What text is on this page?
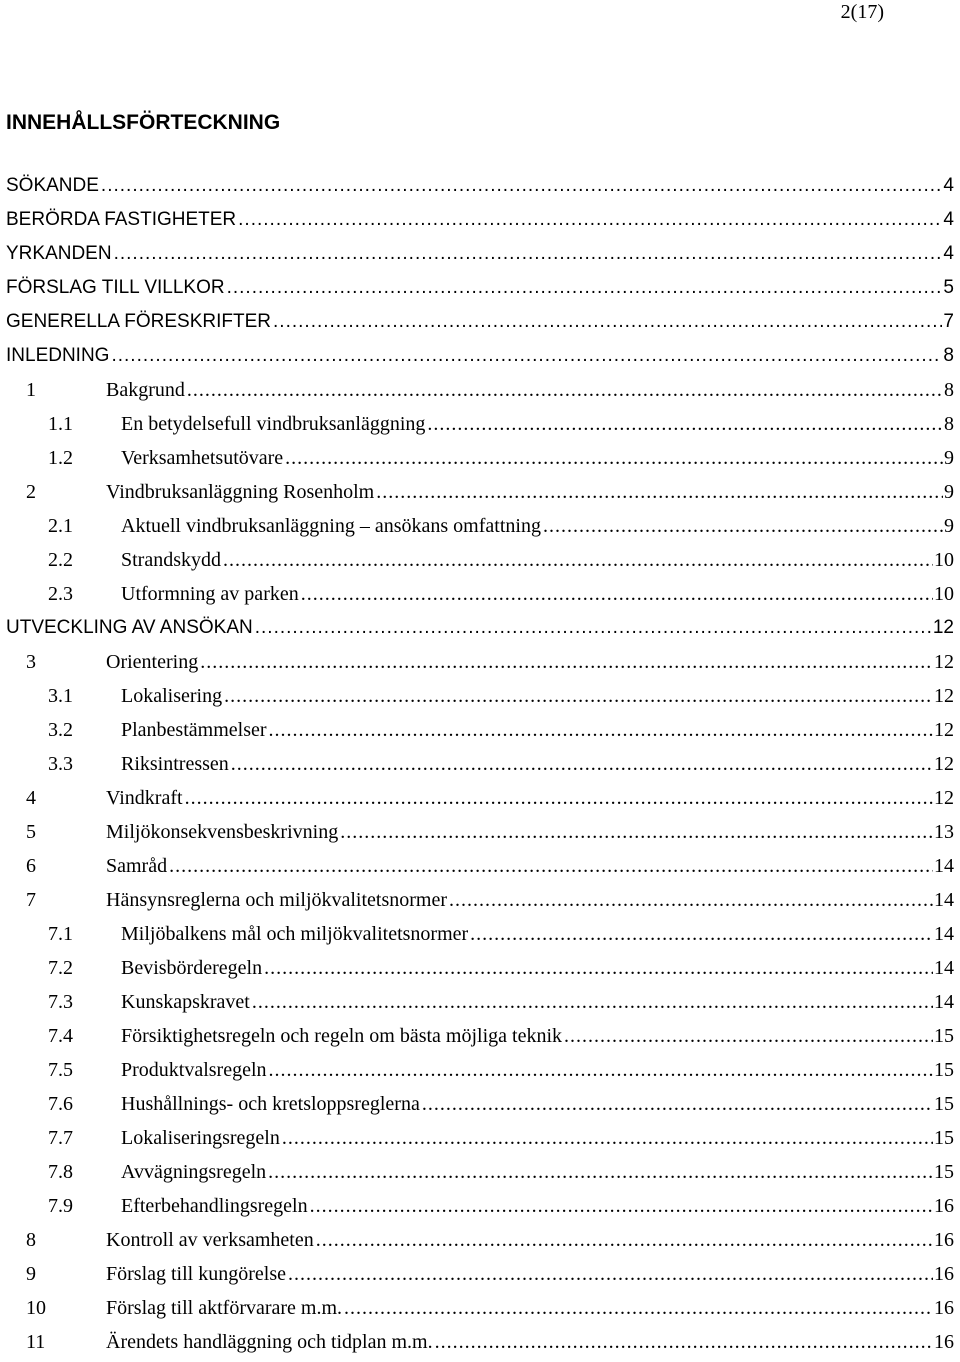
2(17)
INNEHÅLLSFÖRTECKNING
SÖKANDE .....	4
BERÖRDA FASTIGHETER .....	4
YRKANDEN .....	4
FÖRSLAG TILL VILLKOR .....	5
GENERELLA FÖRESKRIFTER .....	7
INLEDNING .....	8
1	Bakgrund .....	8
1.1 En betydelsefull vindbruksanläggning .....	8
1.2 Verksamhetsutövare .....	9
2	Vindbruksanläggning Rosenholm .....	9
2.1 Aktuell vindbruksanläggning – ansökans omfattning .....	9
2.2 Strandskydd .....	10
2.3 Utformning av parken .....	10
UTVECKLING AV ANSÖKAN .....	12
3	Orientering .....	12
3.1 Lokalisering .....	12
3.2 Planbestämmelser .....	12
3.3 Riksintressen .....	12
4	Vindkraft .....	12
5	Miljökonsekvensbeskrivning .....	13
6	Samråd .....	14
7	Hänsynsreglerna och miljökvalitetsnormer .....	14
7.1 Miljöbalkens mål och miljökvalitetsnormer .....	14
7.2 Bevisbörderegeln .....	14
7.3 Kunskapskravet .....	14
7.4 Försiktighetsregeln och regeln om bästa möjliga teknik .....	15
7.5 Produktvalsregeln .....	15
7.6 Hushållnings- och kretsloppsreglerna .....	15
7.7 Lokaliseringsregeln .....	15
7.8 Avvägningsregeln .....	15
7.9 Efterbehandlingsregeln .....	16
8	Kontroll av verksamheten .....	16
9	Förslag till kungörelse .....	16
10	Förslag till aktförvarare m.m. .....	16
11	Ärendets handläggning och tidplan m.m. .....	16
